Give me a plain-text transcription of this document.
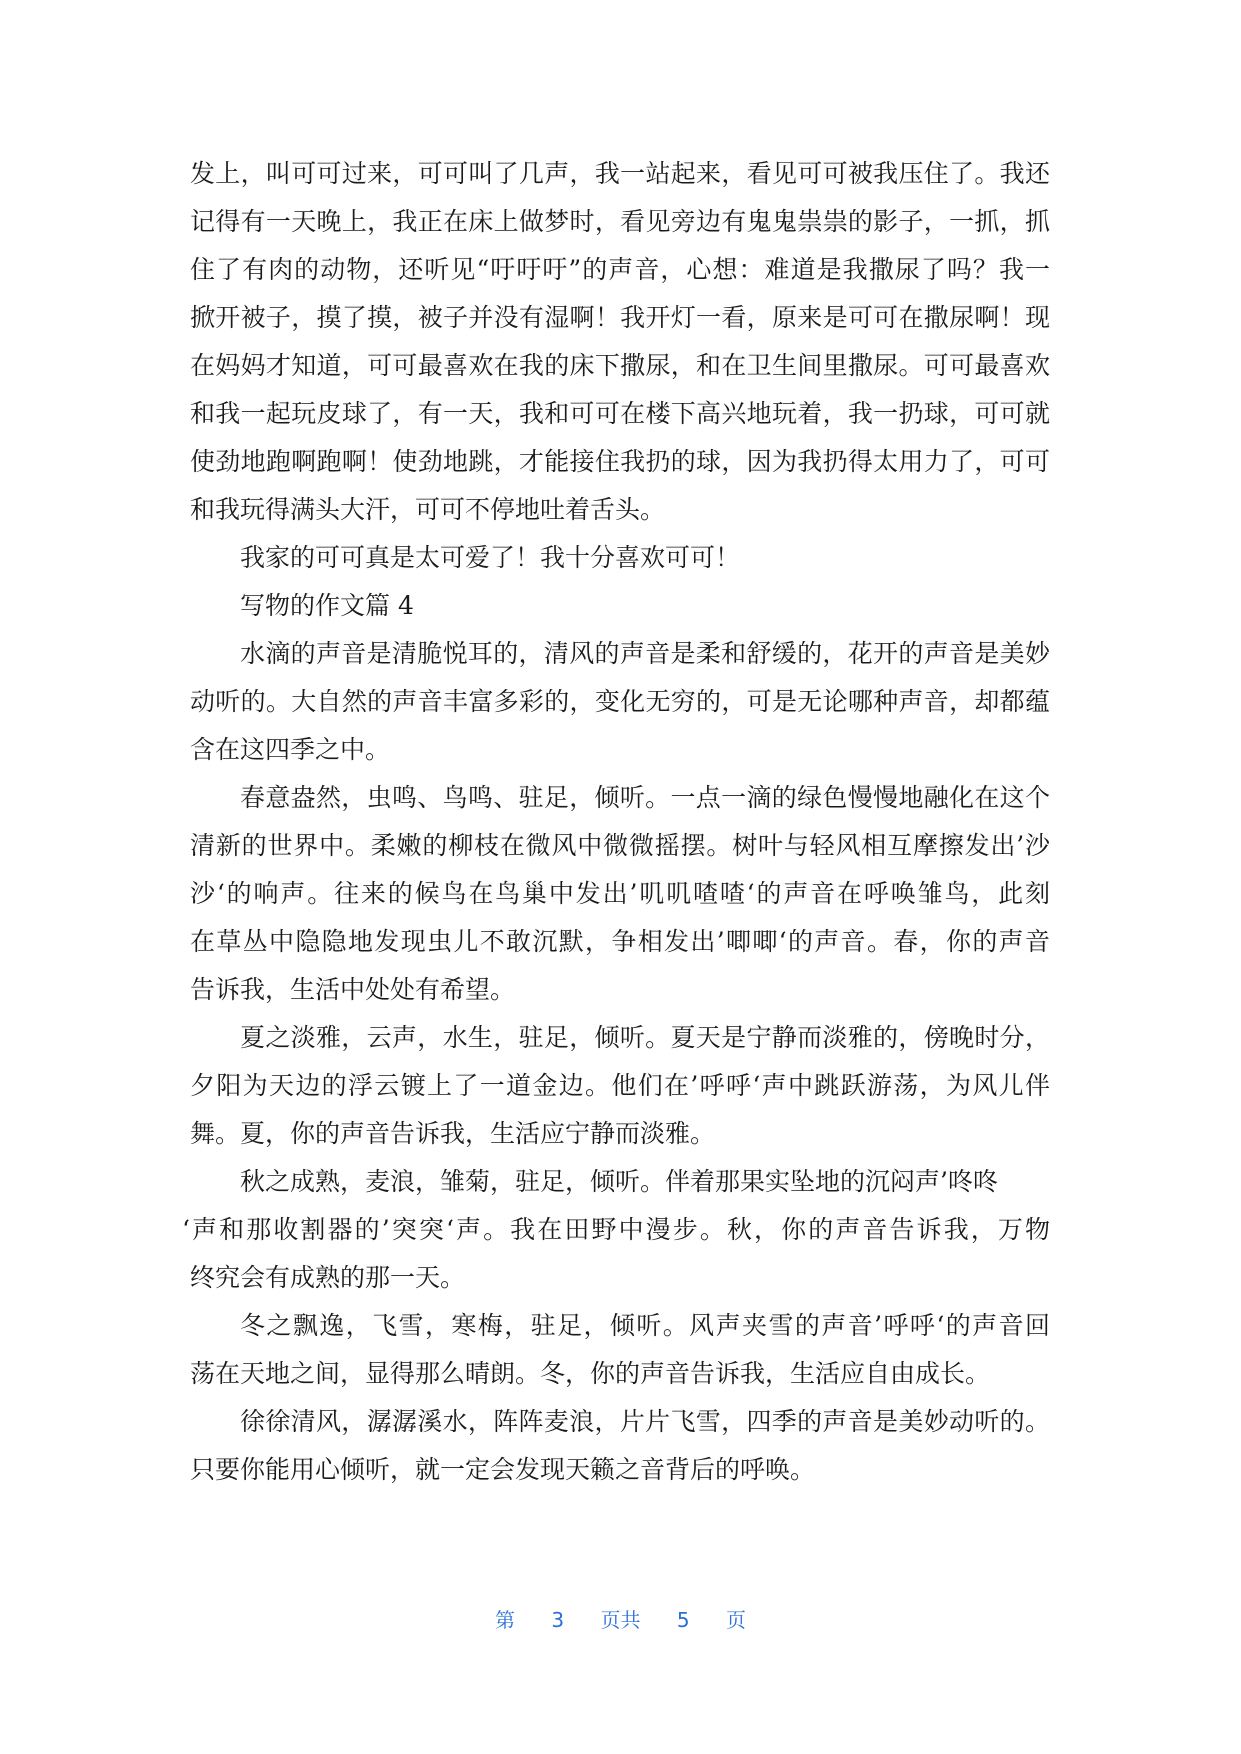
发上，叫可可过来，可可叫了几声，我一站起来，看见可可被我压住了。我还
记得有一天晚上，我正在床上做梦时，看见旁边有鬼鬼祟祟的影子，一抓，抓
住了有肉的动物，还听见“吁吁吁”的声音，心想：难道是我撒尿了吗？我一
掀开被子，摸了摸，被子并没有湿啊！我开灯一看，原来是可可在撒尿啊！现
在妈妈才知道，可可最喜欢在我的床下撒尿，和在卫生间里撒尿。可可最喜欢
和我一起玩皮球了，有一天，我和可可在楼下高兴地玩着，我一扔球，可可就
使劲地跑啊跑啊！使劲地跳，才能接住我扔的球，因为我扔得太用力了，可可
和我玩得满头大汗，可可不停地吐着舌头。
我家的可可真是太可爱了！我十分喜欢可可！
写物的作文篇 4
水滴的声音是清脆悦耳的，清风的声音是柔和舒缓的，花开的声音是美妙
动听的。大自然的声音丰富多彩的，变化无穷的，可是无论哪种声音，却都蕴
含在这四季之中。
春意盎然，虫鸣、鸟鸣、驻足，倾听。一点一滴的绿色慢慢地融化在这个
清新的世界中。柔嫩的柳枝在微风中微微摇摆。树叶与轻风相互摩擦发出’沙
沙‘的响声。往来的候鸟在鸟巢中发出’叽叽喳喳‘的声音在呼唤雏鸟，此刻
在草丛中隐隐地发现虫儿不敢沉默，争相发出’唧唧‘的声音。春，你的声音
告诉我，生活中处处有希望。
夏之淡雅，云声，水生，驻足，倾听。夏天是宁静而淡雅的，傍晚时分，
夕阳为天边的浮云镀上了一道金边。他们在’呼呼‘声中跳跃游荡，为风儿伴
舞。夏，你的声音告诉我，生活应宁静而淡雅。
秋之成熟，麦浪，雏菊，驻足，倾听。伴着那果实坠地的沉闷声’咚咚
‘声和那收割器的’突突‘声。我在田野中漫步。秋，你的声音告诉我，万物
终究会有成熟的那一天。
冬之飘逸，飞雪，寒梅，驻足，倾听。风声夹雪的声音’呼呼‘的声音回
荡在天地之间，显得那么晴朗。冬，你的声音告诉我，生活应自由成长。
徐徐清风，潺潺溪水，阵阵麦浪，片片飞雪，四季的声音是美妙动听的。
只要你能用心倾听，就一定会发现天籁之音背后的呼唤。
第 3 页共 5 页
